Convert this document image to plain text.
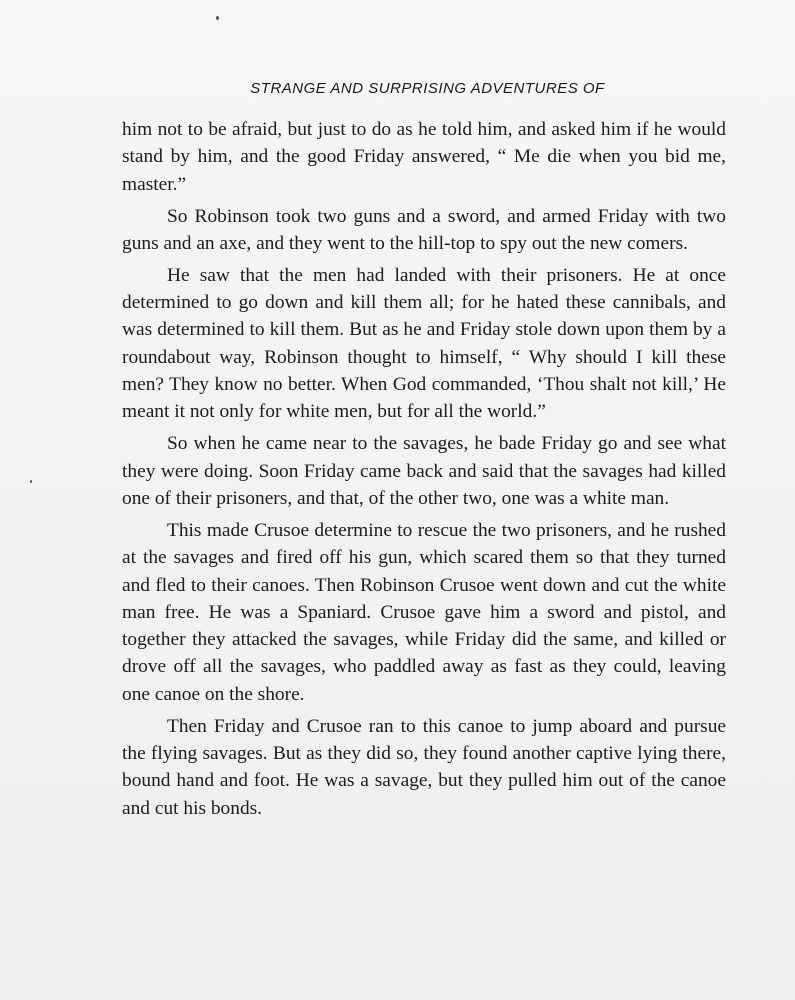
STRANGE AND SURPRISING ADVENTURES OF

him not to be afraid, but just to do as he told him, and asked him if he would stand by him, and the good Friday answered, “ Me die when you bid me, master.”

So Robinson took two guns and a sword, and armed Friday with two guns and an axe, and they went to the hill-top to spy out the new comers.

He saw that the men had landed with their prisoners. He at once determined to go down and kill them all; for he hated these cannibals, and was determined to kill them. But as he and Friday stole down upon them by a roundabout way, Robinson thought to himself, “ Why should I kill these men? They know no better. When God commanded, ‘Thou shalt not kill,’ He meant it not only for white men, but for all the world.”

So when he came near to the savages, he bade Friday go and see what they were doing. Soon Friday came back and said that the savages had killed one of their prisoners, and that, of the other two, one was a white man.

This made Crusoe determine to rescue the two prisoners, and he rushed at the savages and fired off his gun, which scared them so that they turned and fled to their canoes. Then Robinson Crusoe went down and cut the white man free. He was a Spaniard. Crusoe gave him a sword and pistol, and together they attacked the savages, while Friday did the same, and killed or drove off all the savages, who paddled away as fast as they could, leaving one canoe on the shore.

Then Friday and Crusoe ran to this canoe to jump aboard and pursue the flying savages. But as they did so, they found another captive lying there, bound hand and foot. He was a savage, but they pulled him out of the canoe and cut his bonds.
